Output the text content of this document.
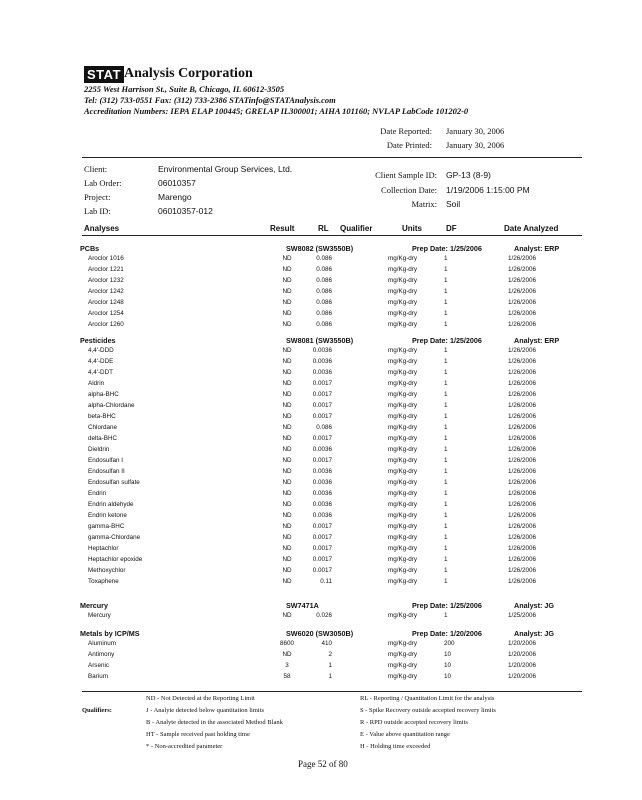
STAT Analysis Corporation
2255 West Harrison St., Suite B, Chicago, IL 60612-3505
Tel: (312) 733-0551 Fax: (312) 733-2386 STATinfo@STATAnalysis.com
Accreditation Numbers: IEPA ELAP 100445; GRELAP IL300001; AIHA 101160; NVLAP LabCode 101202-0
Date Reported: January 30, 2006
Date Printed: January 30, 2006
Client:	Environmental Group Services, Ltd.
Lab Order:	06010357
Project:	Marengo
Lab ID:	06010357-012
Client Sample ID: GP-13 (8-9)
Collection Date: 1/19/2006 1:15:00 PM
Matrix: Soil
Analyses	Result	RL Qualifier	Units	DF	Date Analyzed
PCBs	SW8082 (SW3550B)	Prep Date: 1/25/2006	Analyst: ERP
Aroclor 1016	ND	0.086	mg/Kg-dry	1	1/26/2006
Aroclor 1221	ND	0.086	mg/Kg-dry	1	1/26/2006
Aroclor 1232	ND	0.086	mg/Kg-dry	1	1/26/2006
Aroclor 1242	ND	0.086	mg/Kg-dry	1	1/26/2006
Aroclor 1248	ND	0.086	mg/Kg-dry	1	1/26/2006
Aroclor 1254	ND	0.086	mg/Kg-dry	1	1/26/2006
Aroclor 1260	ND	0.086	mg/Kg-dry	1	1/26/2006
Pesticides	SW8081 (SW3550B)	Prep Date: 1/25/2006	Analyst: ERP
4,4'-DDD	ND	0.0036	mg/Kg-dry	1	1/26/2006
4,4'-DDE	ND	0.0036	mg/Kg-dry	1	1/26/2006
4,4'-DDT	ND	0.0036	mg/Kg-dry	1	1/26/2006
Aldrin	ND	0.0017	mg/Kg-dry	1	1/26/2006
alpha-BHC	ND	0.0017	mg/Kg-dry	1	1/26/2006
alpha-Chlordane	ND	0.0017	mg/Kg-dry	1	1/26/2006
beta-BHC	ND	0.0017	mg/Kg-dry	1	1/26/2006
Chlordane	ND	0.086	mg/Kg-dry	1	1/26/2006
delta-BHC	ND	0.0017	mg/Kg-dry	1	1/26/2006
Dieldrin	ND	0.0036	mg/Kg-dry	1	1/26/2006
Endosulfan I	ND	0.0017	mg/Kg-dry	1	1/26/2006
Endosulfan II	ND	0.0036	mg/Kg-dry	1	1/26/2006
Endosulfan sulfate	ND	0.0036	mg/Kg-dry	1	1/26/2006
Endrin	ND	0.0036	mg/Kg-dry	1	1/26/2006
Endrin aldehyde	ND	0.0036	mg/Kg-dry	1	1/26/2006
Endrin ketone	ND	0.0036	mg/Kg-dry	1	1/26/2006
gamma-BHC	ND	0.0017	mg/Kg-dry	1	1/26/2006
gamma-Chlordane	ND	0.0017	mg/Kg-dry	1	1/26/2006
Heptachlor	ND	0.0017	mg/Kg-dry	1	1/26/2006
Heptachlor epoxide	ND	0.0017	mg/Kg-dry	1	1/26/2006
Methoxychlor	ND	0.0017	mg/Kg-dry	1	1/26/2006
Toxaphene	ND	0.11	mg/Kg-dry	1	1/26/2006
Mercury	SW7471A	Prep Date: 1/25/2006	Analyst: JG
Mercury	ND	0.026	mg/Kg-dry	1	1/25/2006
Metals by ICP/MS	SW6020 (SW3050B)	Prep Date: 1/20/2006	Analyst: JG
Aluminum	8600	410	mg/Kg-dry	200	1/20/2006
Antimony	ND	2	mg/Kg-dry	10	1/20/2006
Arsenic	3	1	mg/Kg-dry	10	1/20/2006
Barium	58	1	mg/Kg-dry	10	1/20/2006
Qualifiers:
ND - Not Detected at the Reporting Limit
J - Analyte detected below quantitation limits
B - Analyte detected in the associated Method Blank
HT - Sample received past holding time
* - Non-accredited parameter
RL - Reporting / Quantitation Limit for the analysis
S - Spike Recovery outside accepted recovery limits
R - RPD outside accepted recovery limits
E - Value above quantitation range
H - Holding time exceeded
Page 52 of 80
